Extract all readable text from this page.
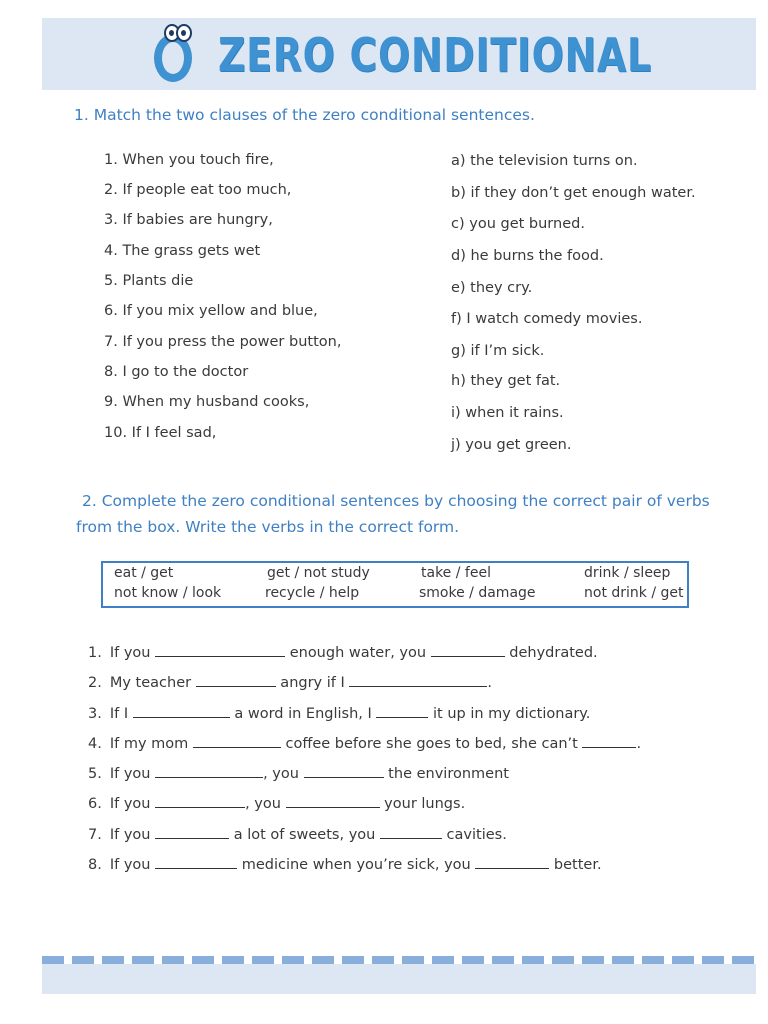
ZERO CONDITIONAL
1. Match the two clauses of the zero conditional sentences.
1. When you touch fire,
2. If people eat too much,
3. If babies are hungry,
4. The grass gets wet
5. Plants die
6. If you mix yellow and blue,
7. If you press the power button,
8. I go to the doctor
9. When my husband cooks,
10. If I feel sad,
a) the television turns on.
b) if they don’t get enough water.
c) you get burned.
d) he burns the food.
e) they cry.
f) I watch comedy movies.
g) if I’m sick.
h) they get fat.
i) when it rains.
j) you get green.
2. Complete the zero conditional sentences by choosing the correct pair of verbs
from the box. Write the verbs in the correct form.
eat / get	get / not study	take / feel	drink / sleep
not know / look	recycle / help	smoke / damage	not drink / get
1. If you	enough water, you	dehydrated.
2. My teacher	angry if I	.
3. If I	a word in English, I	it up in my dictionary.
4. If my mom	coffee before she goes to bed, she can’t	.
5. If you	, you	the environment
6. If you	, you	your lungs.
7. If you	a lot of sweets, you	cavities.
8. If you	medicine when you’re sick, you	better.
